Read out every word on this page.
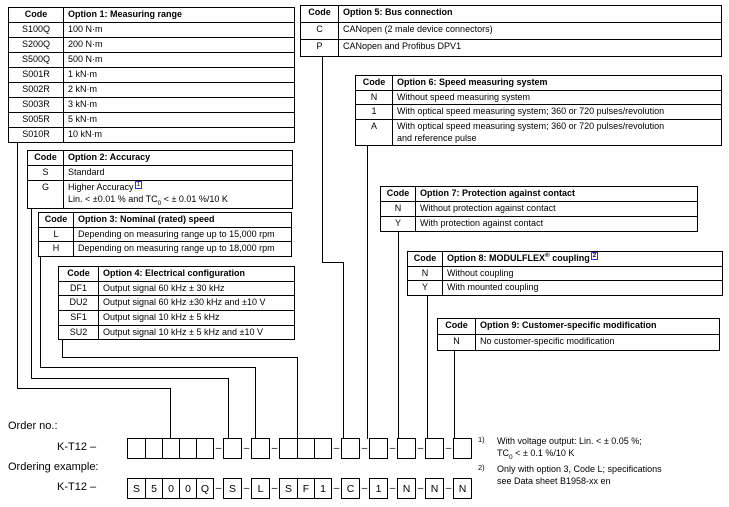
Code	Option 1: Measuring range
S100Q	100 N·m
S200Q	200 N·m
S500Q	500 N·m
S001R	1 kN·m
S002R	2 kN·m
S003R	3 kN·m
S005R	5 kN·m
S010R	10 kN·m
Code	Option 2: Accuracy
S	Standard
G	Higher Accuracy $^1$
Lin. < ±0.01 % and $TC_0$ < ± 0.01 %/10 K
Code	Option 3: Nominal (rated) speed
L	Depending on measuring range up to 15,000 rpm
H	Depending on measuring range up to 18,000 rpm
Code	Option 4: Electrical configuration
DF1	Output signal 60 kHz ± 30 kHz
DU2	Output signal 60 kHz ±30 kHz and ±10 V
SF1	Output signal 10 kHz ± 5 kHz
SU2	Output signal 10 kHz ± 5 kHz and ±10 V
Code	Option 5: Bus connection
C	CANopen (2 male device connectors)
P	CANopen and Profibus DPV1
Code	Option 6: Speed measuring system
N	Without speed measuring system
1	With optical speed measuring system; 360 or 720 pulses/revolution
A	With optical speed measuring system; 360 or 720 pulses/revolution
and reference pulse
Code	Option 7: Protection against contact
N	Without protection against contact
Y	With protection against contact
Code	Option 8: MODULFLEX® coupling $^2$
N	Without coupling
Y	With mounted coupling
Code	Option 9: Customer-specific modification
N	No customer-specific modification
Order no.:
K-T12 –	– – –	– – – – –
Ordering example:
K-T12 –	S	5	0	0 Q – S – L – S	F	1 – C – 1 – N – N – N
1)	With voltage output: Lin. < ± 0.05 %;
$TC_0$ < ± 0.1 %/10 K
2)	Only with option 3, Code L; specifications
see Data sheet B1958-xx en
